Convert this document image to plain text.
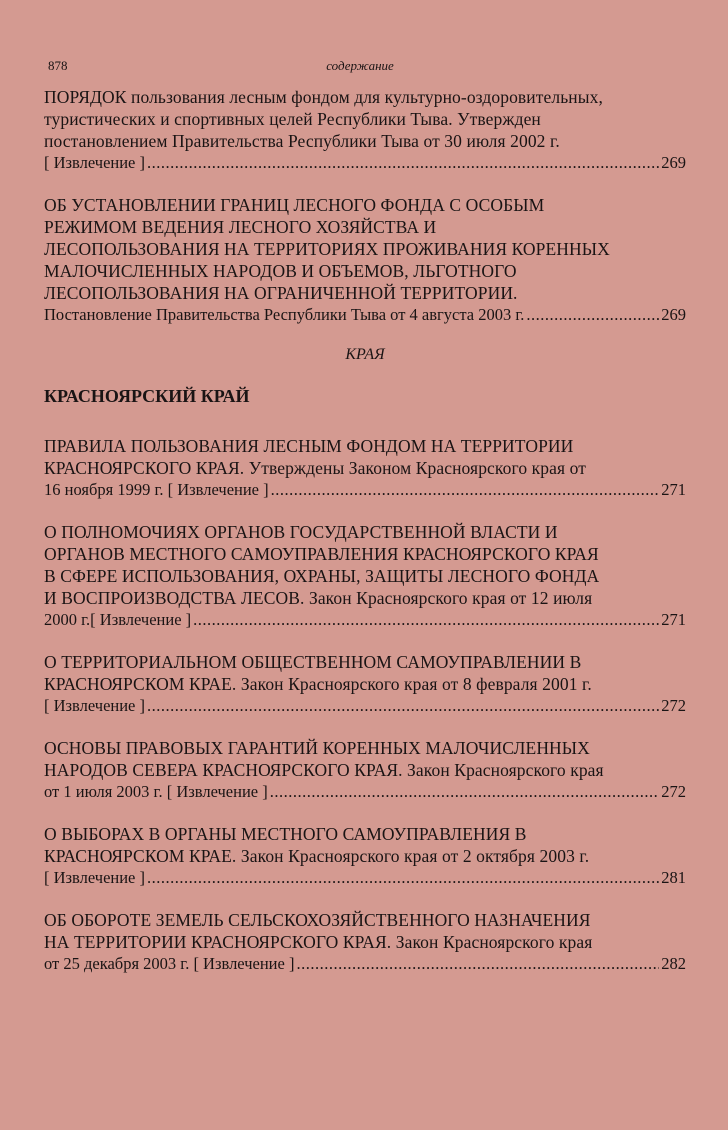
878	содержание
ПОРЯДОК пользования лесным фондом для культурно-оздоровительных,
туристических и спортивных целей Республики Тыва. Утвержден
постановлением Правительства Республики Тыва от 30 июля 2002 г.
[ Извлечение ] .....	269
ОБ УСТАНОВЛЕНИИ ГРАНИЦ ЛЕСНОГО ФОНДА С ОСОБЫМ
РЕЖИМОМ ВЕДЕНИЯ ЛЕСНОГО ХОЗЯЙСТВА И
ЛЕСОПОЛЬЗОВАНИЯ НА ТЕРРИТОРИЯХ ПРОЖИВАНИЯ КОРЕННЫХ
МАЛОЧИСЛЕННЫХ НАРОДОВ И ОБЪЕМОВ, ЛЬГОТНОГО
ЛЕСОПОЛЬЗОВАНИЯ НА ОГРАНИЧЕННОЙ ТЕРРИТОРИИ.
Постановление Правительства Республики Тыва от 4 августа 2003 г. .....	269
КРАЯ
КРАСНОЯРСКИЙ КРАЙ
ПРАВИЛА ПОЛЬЗОВАНИЯ ЛЕСНЫМ ФОНДОМ НА ТЕРРИТОРИИ
КРАСНОЯРСКОГО КРАЯ. Утверждены Законом Красноярского края от
16 ноября 1999 г. [ Извлечение ] .....	271
О ПОЛНОМОЧИЯХ ОРГАНОВ ГОСУДАРСТВЕННОЙ ВЛАСТИ И
ОРГАНОВ МЕСТНОГО САМОУПРАВЛЕНИЯ КРАСНОЯРСКОГО КРАЯ
В СФЕРЕ ИСПОЛЬЗОВАНИЯ, ОХРАНЫ, ЗАЩИТЫ ЛЕСНОГО ФОНДА
И ВОСПРОИЗВОДСТВА ЛЕСОВ. Закон Красноярского края от 12 июля
2000 г.[ Извлечение ] .....	271
О ТЕРРИТОРИАЛЬНОМ ОБЩЕСТВЕННОМ САМОУПРАВЛЕНИИ В
КРАСНОЯРСКОМ КРАЕ. Закон Красноярского края от 8 февраля 2001 г.
[ Извлечение ] .....	272
ОСНОВЫ ПРАВОВЫХ ГАРАНТИЙ КОРЕННЫХ МАЛОЧИСЛЕННЫХ
НАРОДОВ СЕВЕРА КРАСНОЯРСКОГО КРАЯ. Закон Красноярского края
от 1 июля 2003 г. [ Извлечение ] .....	272
О ВЫБОРАХ В ОРГАНЫ МЕСТНОГО САМОУПРАВЛЕНИЯ В
КРАСНОЯРСКОМ КРАЕ. Закон Красноярского края от 2 октября 2003 г.
[ Извлечение ] .....	281
ОБ ОБОРОТЕ ЗЕМЕЛЬ СЕЛЬСКОХОЗЯЙСТВЕННОГО НАЗНАЧЕНИЯ
НА ТЕРРИТОРИИ КРАСНОЯРСКОГО КРАЯ. Закон Красноярского края
от 25 декабря 2003 г. [ Извлечение ] .....	282
